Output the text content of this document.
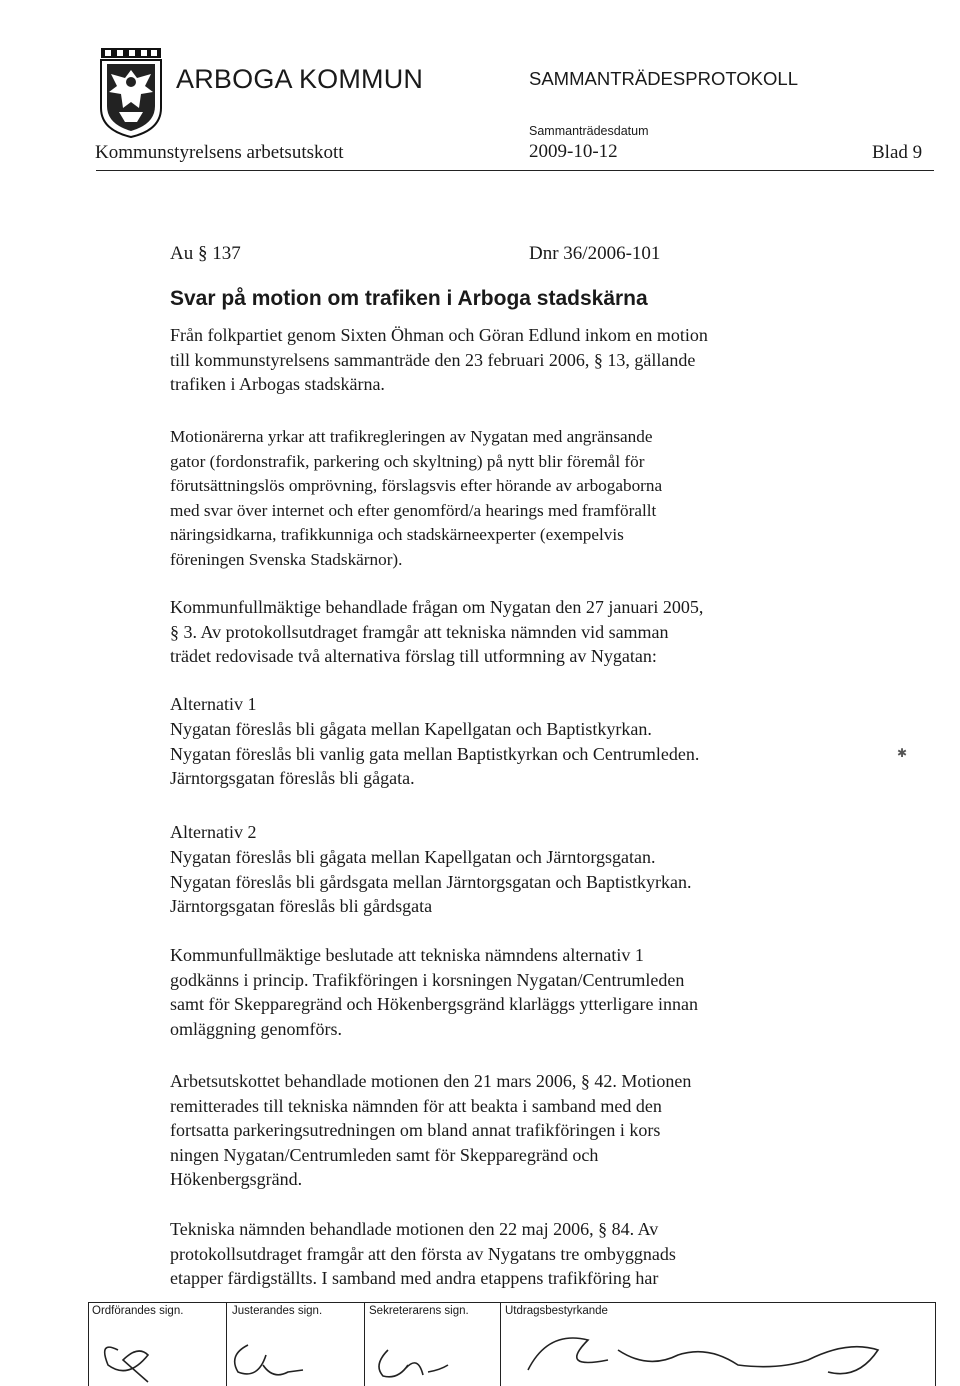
ARBOGA KOMMUN	SAMMANTRÄDESPROTOKOLL
Sammanträdesdatum
Kommunstyrelsens arbetsutskott	2009-10-12	Blad 9
Au § 137	Dnr 36/2006-101
Svar på motion om trafiken i Arboga stadskärna
Från folkpartiet genom Sixten Öhman och Göran Edlund inkom en motion
till kommunstyrelsens sammanträde den 23 februari 2006, § 13, gällande
trafiken i Arbogas stadskärna.
Motionärerna yrkar att trafikregleringen av Nygatan med angränsande
gator (fordonstrafik, parkering och skyltning) på nytt blir föremål för
förutsättningslös omprövning, förslagsvis efter hörande av arbogaborna
med svar över internet och efter genomförd/a hearings med framförallt
näringsidkarna, trafikkunniga och stadskärneexperter (exempelvis
föreningen Svenska Stadskärnor).
Kommunfullmäktige behandlade frågan om Nygatan den 27 januari 2005,
§ 3. Av protokollsutdraget framgår att tekniska nämnden vid samman
trädet redovisade två alternativa förslag till utformning av Nygatan:
Alternativ 1
Nygatan föreslås bli gågata mellan Kapellgatan och Baptistkyrkan.
Nygatan föreslås bli vanlig gata mellan Baptistkyrkan och Centrumleden.
Järntorgsgatan föreslås bli gågata.
Alternativ 2
Nygatan föreslås bli gågata mellan Kapellgatan och Järntorgsgatan.
Nygatan föreslås bli gårdsgata mellan Järntorgsgatan och Baptistkyrkan.
Järntorgsgatan föreslås bli gårdsgata
Kommunfullmäktige beslutade att tekniska nämndens alternativ 1
godkänns i princip. Trafikföringen i korsningen Nygatan/Centrumleden
samt för Skepparegränd och Hökenbergsgränd klarläggs ytterligare innan
omläggning genomförs.
Arbetsutskottet behandlade motionen den 21 mars 2006, § 42. Motionen
remitterades till tekniska nämnden för att beakta i samband med den
fortsatta parkeringsutredningen om bland annat trafikföringen i kors
ningen Nygatan/Centrumleden samt för Skepparegränd och
Hökenbergsgränd.
Tekniska nämnden behandlade motionen den 22 maj 2006, § 84. Av
protokollsutdraget framgår att den första av Nygatans tre ombyggnads
etapper färdigställts. I samband med andra etappens trafikföring har
✱
Ordförandes sign.	Justerandes sign.	Sekreterarens sign.	Utdragsbestyrkande
